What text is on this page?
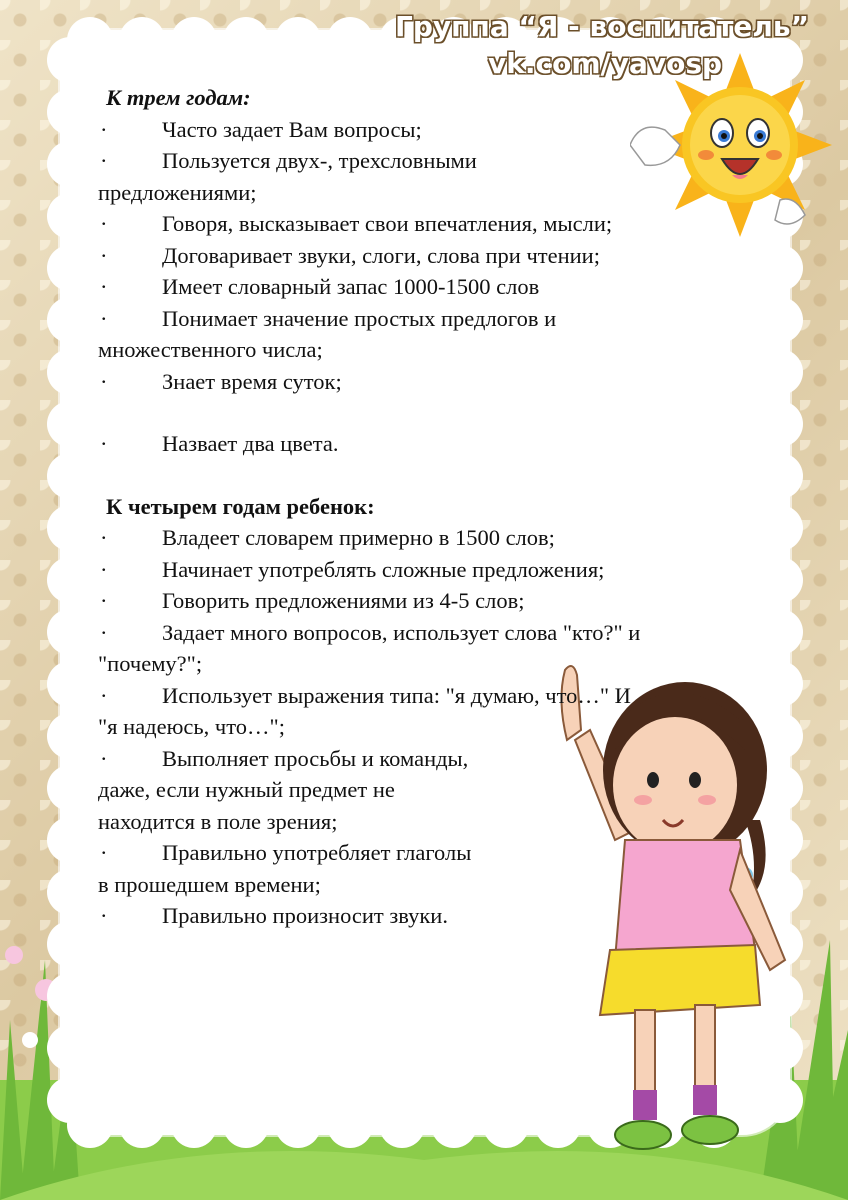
Группа “Я - воспитатель”
vk.com/yavosp
К трем годам:
· Часто задает Вам вопросы;
· Пользуется двух-, трехсловными
предложениями;
· Говоря, высказывает свои впечатления, мысли;
· Договаривает звуки, слоги, слова при чтении;
· Имеет словарный запас 1000-1500 слов
· Понимает значение простых предлогов и
множественного числа;
· Знает время суток;
· Назвает два цвета.
К четырем годам ребенок:
· Владеет словарем примерно в 1500 слов;
· Начинает употреблять сложные предложения;
· Говорить предложениями из 4-5 слов;
· Задает много вопросов, использует слова "кто?" и
"почему?";
· Использует выражения типа: "я думаю, что…" И
"я надеюсь, что…";
· Выполняет просьбы и команды,
даже, если нужный предмет не
находится в поле зрения;
· Правильно употребляет глаголы
в прошедшем времени;
· Правильно произносит звуки.
